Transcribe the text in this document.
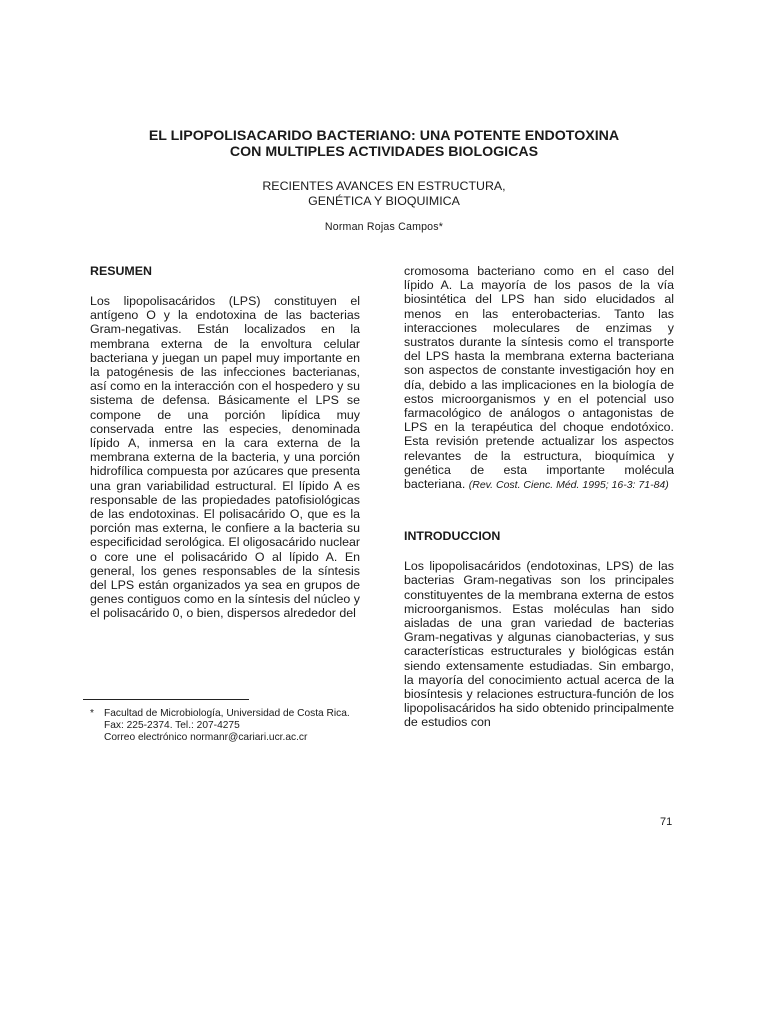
EL LIPOPOLISACARIDO BACTERIANO: UNA POTENTE ENDOTOXINA
CON MULTIPLES ACTIVIDADES BIOLOGICAS
RECIENTES AVANCES EN ESTRUCTURA,
GENÉTICA Y BIOQUIMICA
Norman Rojas Campos*
RESUMEN

Los lipopolisacáridos (LPS) constituyen el antígeno O y la endotoxina de las bacterias Gram-negativas. Están localizados en la membrana externa de la envoltura celular bacteriana y juegan un papel muy importante en la patogénesis de las infecciones bacterianas, así como en la interacción con el hospedero y su sistema de defensa. Básicamente el LPS se compone de una porción lipídica muy conservada entre las especies, denominada lípido A, inmersa en la cara externa de la membrana externa de la bacteria, y una porción hidrofílica compuesta por azúcares que presenta una gran variabilidad estructural. El lípido A es responsable de las propiedades patofisiológicas de las endotoxinas. El polisacárido O, que es la porción mas externa, le confiere a la bacteria su especificidad serológica. El oligosacárido nuclear o core une el polisacárido O al lípido A. En general, los genes responsables de la síntesis del LPS están organizados ya sea en grupos de genes contiguos como en la síntesis del núcleo y el polisacárido 0, o bien, dispersos alrededor del

cromosoma bacteriano como en el caso del lípido A. La mayoría de los pasos de la vía biosintética del LPS han sido elucidados al menos en las enterobacterias. Tanto las interacciones moleculares de enzimas y sustratos durante la síntesis como el transporte del LPS hasta la membrana externa bacteriana son aspectos de constante investigación hoy en día, debido a las implicaciones en la biología de estos microorganismos y en el potencial uso farmacológico de análogos o antagonistas de LPS en la terapéutica del choque endotóxico. Esta revisión pretende actualizar los aspectos relevantes de la estructura, bioquímica y genética de esta importante molécula bacteriana. (Rev. Cost. Cienc. Méd. 1995; 16-3: 71-84)

INTRODUCCION

Los lipopolisacáridos (endotoxinas, LPS) de las bacterias Gram-negativas son los principales constituyentes de la membrana externa de estos microorganismos. Estas moléculas han sido aisladas de una gran variedad de bacterias Gram-negativas y algunas cianobacterias, y sus características estructurales y biológicas están siendo extensamente estudiadas. Sin embargo, la mayoría del conocimiento actual acerca de la biosíntesis y relaciones estructura-función de los lipopolisacáridos ha sido obtenido principalmente de estudios con

* Facultad de Microbiología, Universidad de Costa Rica.
Fax: 225-2374. Tel.: 207-4275
Correo electrónico normanr@cariari.ucr.ac.cr
71
